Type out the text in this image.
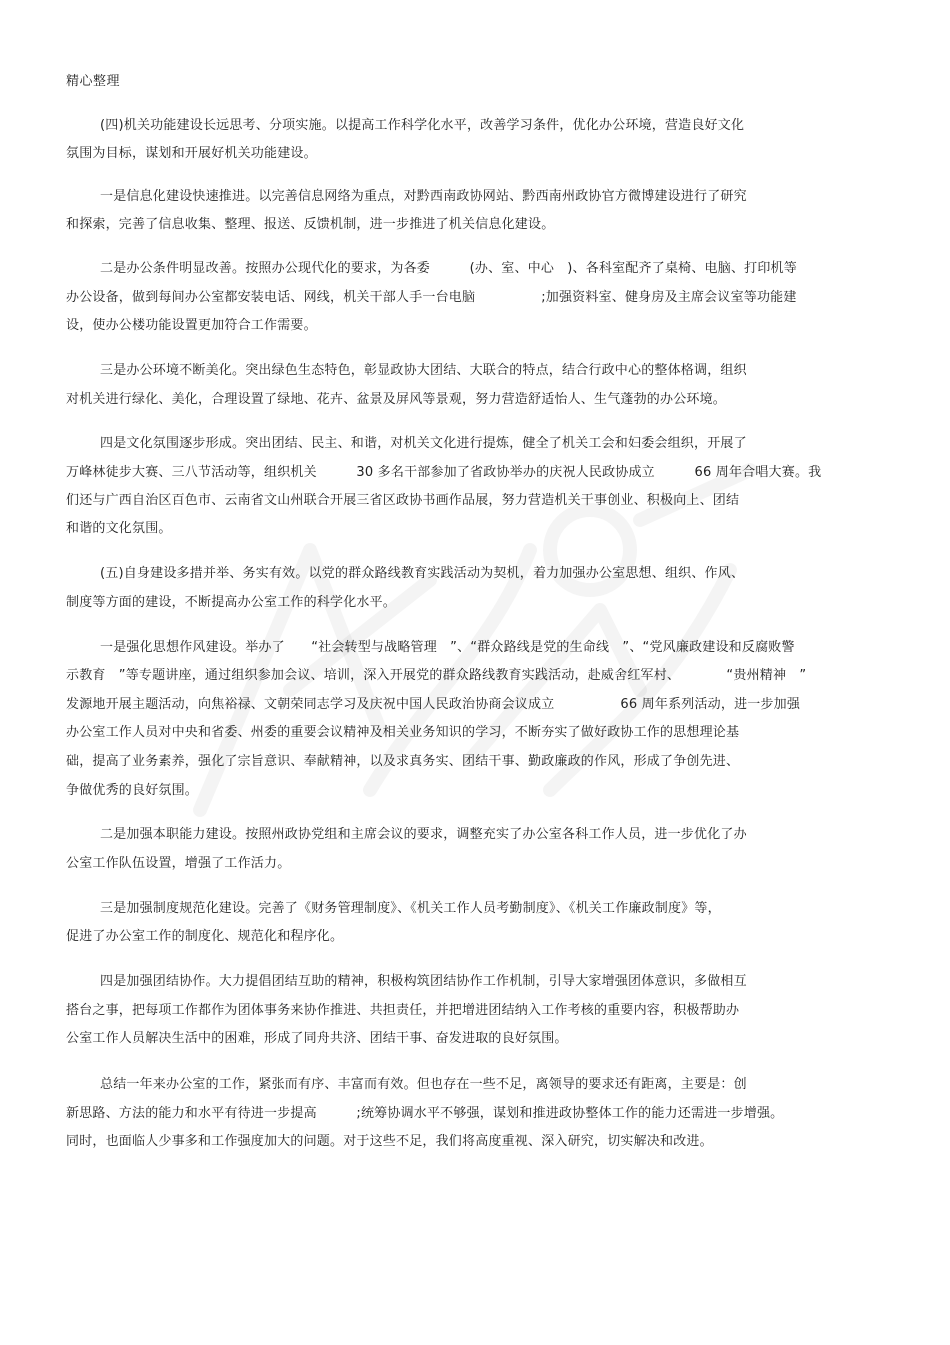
精心整理
(四)机关功能建设长远思考、分项实施。以提高工作科学化水平，改善学习条件，优化办公环境，营造良好文化
氛围为目标，谋划和开展好机关功能建设。
一是信息化建设快速推进。以完善信息网络为重点，对黔西南政协网站、黔西南州政协官方微博建设进行了研究
和探索，完善了信息收集、整理、报送、反馈机制，进一步推进了机关信息化建设。
二是办公条件明显改善。按照办公现代化的要求，为各委　　　(办、室、中心　)、各科室配齐了桌椅、电脑、打印机等
办公设备，做到每间办公室都安装电话、网线，机关干部人手一台电脑　　　　　;加强资料室、健身房及主席会议室等功能建
设，使办公楼功能设置更加符合工作需要。
三是办公环境不断美化。突出绿色生态特色，彰显政协大团结、大联合的特点，结合行政中心的整体格调，组织
对机关进行绿化、美化，合理设置了绿地、花卉、盆景及屏风等景观，努力营造舒适怡人、生气蓬勃的办公环境。
四是文化氛围逐步形成。突出团结、民主、和谐，对机关文化进行提炼，健全了机关工会和妇委会组织，开展了
万峰林徒步大赛、三八节活动等，组织机关　　　30 多名干部参加了省政协举办的庆祝人民政协成立　　　66 周年合唱大赛。我
们还与广西自治区百色市、云南省文山州联合开展三省区政协书画作品展，努力营造机关干事创业、积极向上、团结
和谐的文化氛围。
(五)自身建设多措并举、务实有效。以党的群众路线教育实践活动为契机，着力加强办公室思想、组织、作风、
制度等方面的建设，不断提高办公室工作的科学化水平。
一是强化思想作风建设。举办了　　“社会转型与战略管理　”、“群众路线是党的生命线　”、“党风廉政建设和反腐败警
示教育　”等专题讲座，通过组织参加会议、培训，深入开展党的群众路线教育实践活动，赴威舍红军村、　　　　“贵州精神　”
发源地开展主题活动，向焦裕禄、文朝荣同志学习及庆祝中国人民政治协商会议成立　　　　　66 周年系列活动，进一步加强
办公室工作人员对中央和省委、州委的重要会议精神及相关业务知识的学习，不断夯实了做好政协工作的思想理论基
础，提高了业务素养，强化了宗旨意识、奉献精神，以及求真务实、团结干事、勤政廉政的作风，形成了争创先进、
争做优秀的良好氛围。
二是加强本职能力建设。按照州政协党组和主席会议的要求，调整充实了办公室各科工作人员，进一步优化了办
公室工作队伍设置，增强了工作活力。
三是加强制度规范化建设。完善了《财务管理制度》、《机关工作人员考勤制度》、《机关工作廉政制度》等，
促进了办公室工作的制度化、规范化和程序化。
四是加强团结协作。大力提倡团结互助的精神，积极构筑团结协作工作机制，引导大家增强团体意识，多做相互
搭台之事，把每项工作都作为团体事务来协作推进、共担责任，并把增进团结纳入工作考核的重要内容，积极帮助办
公室工作人员解决生活中的困难，形成了同舟共济、团结干事、奋发进取的良好氛围。
总结一年来办公室的工作，紧张而有序、丰富而有效。但也存在一些不足，离领导的要求还有距离，主要是：创
新思路、方法的能力和水平有待进一步提高　　　;统筹协调水平不够强，谋划和推进政协整体工作的能力还需进一步增强。
同时，也面临人少事多和工作强度加大的问题。对于这些不足，我们将高度重视、深入研究，切实解决和改进。
